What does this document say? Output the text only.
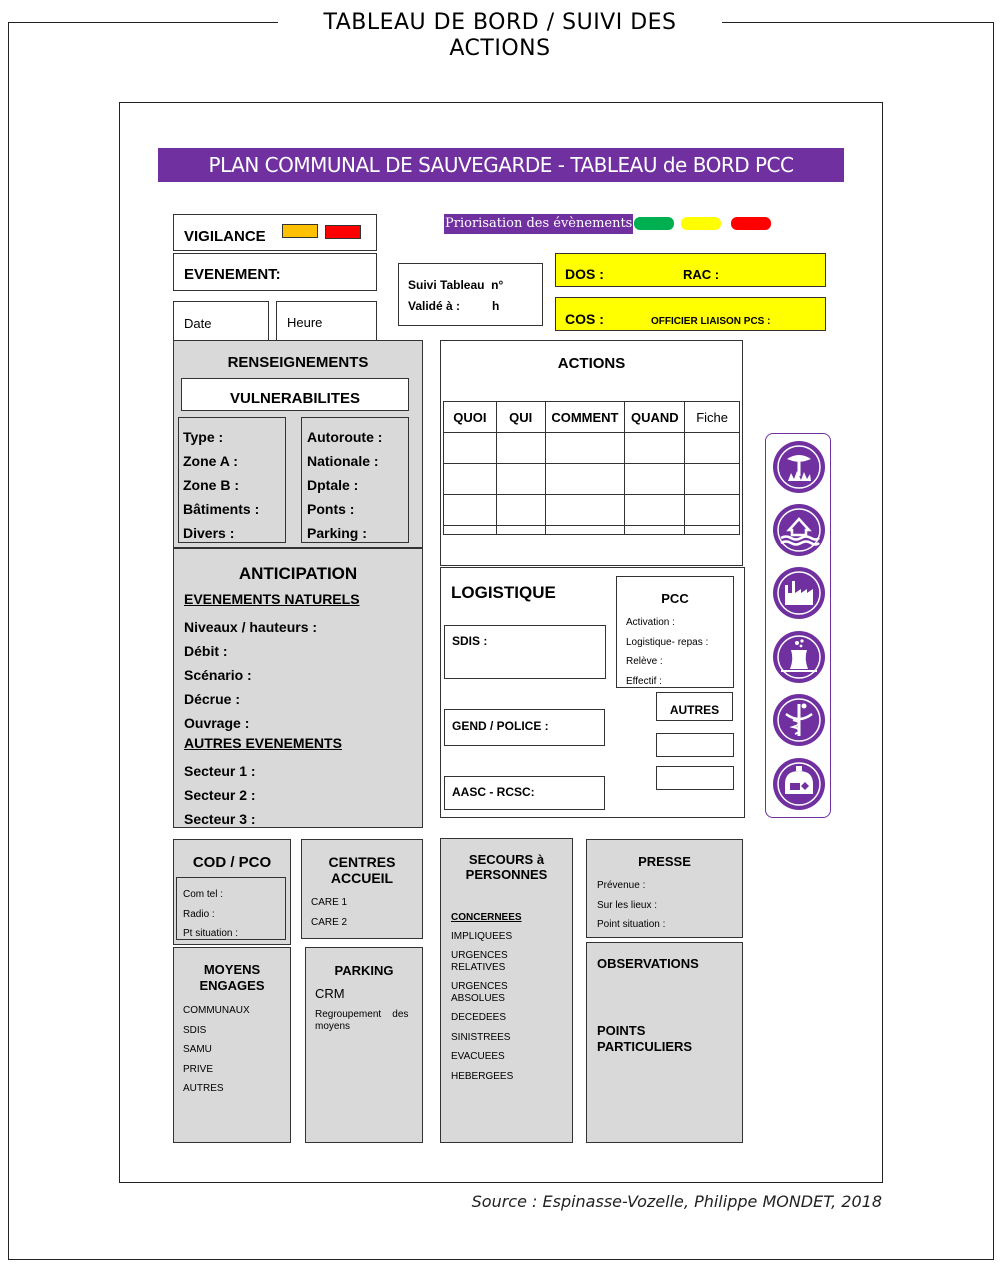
TABLEAU DE BORD / SUIVI DES ACTIONS
Source : Espinasse-Vozelle, Philippe MONDET, 2018
PLAN COMMUNAL DE SAUVEGARDE - TABLEAU de BORD PCC
VIGILANCE
EVENEMENT:
Date	Heure
Priorisation des évènements
Suivi Tableau  n°
Validé à :	h
DOS :	RAC :
COS :	OFFICIER LIAISON PCS :
RENSEIGNEMENTS
VULNERABILITES
Type :
Zone A :
Zone B :
Bâtiments :
Divers :
Autoroute :
Nationale :
Dptale :
Ponts :
Parking :
ACTIONS
QUOI	QUI	COMMENT	QUAND	Fiche

ANTICIPATION
EVENEMENTS NATURELS
Niveaux / hauteurs :
Débit :
Scénario :
Décrue :
Ouvrage :
AUTRES EVENEMENTS
Secteur 1 :
Secteur 2 :
Secteur 3 :
LOGISTIQUE
SDIS :
GEND / POLICE :
AASC - RCSC:
PCC
Activation :
Logistique- repas :
Relève :
Effectif :
AUTRES
COD / PCO
Com tel :
Radio :
Pt situation :
CENTRES
ACCUEIL
CARE 1
CARE 2
SECOURS à
PERSONNES
CONCERNEES
IMPLIQUEES
URGENCES
RELATIVES
URGENCES
ABSOLUES
DECEDEES
SINISTREES
EVACUEES
HEBERGEES
PRESSE
Prévenue :
Sur les lieux :
Point situation :
MOYENS
ENGAGES
COMMUNAUX
SDIS
SAMU
PRIVE
AUTRES
PARKING
CRM
Regroupement    des
moyens
OBSERVATIONS
POINTS
PARTICULIERS
